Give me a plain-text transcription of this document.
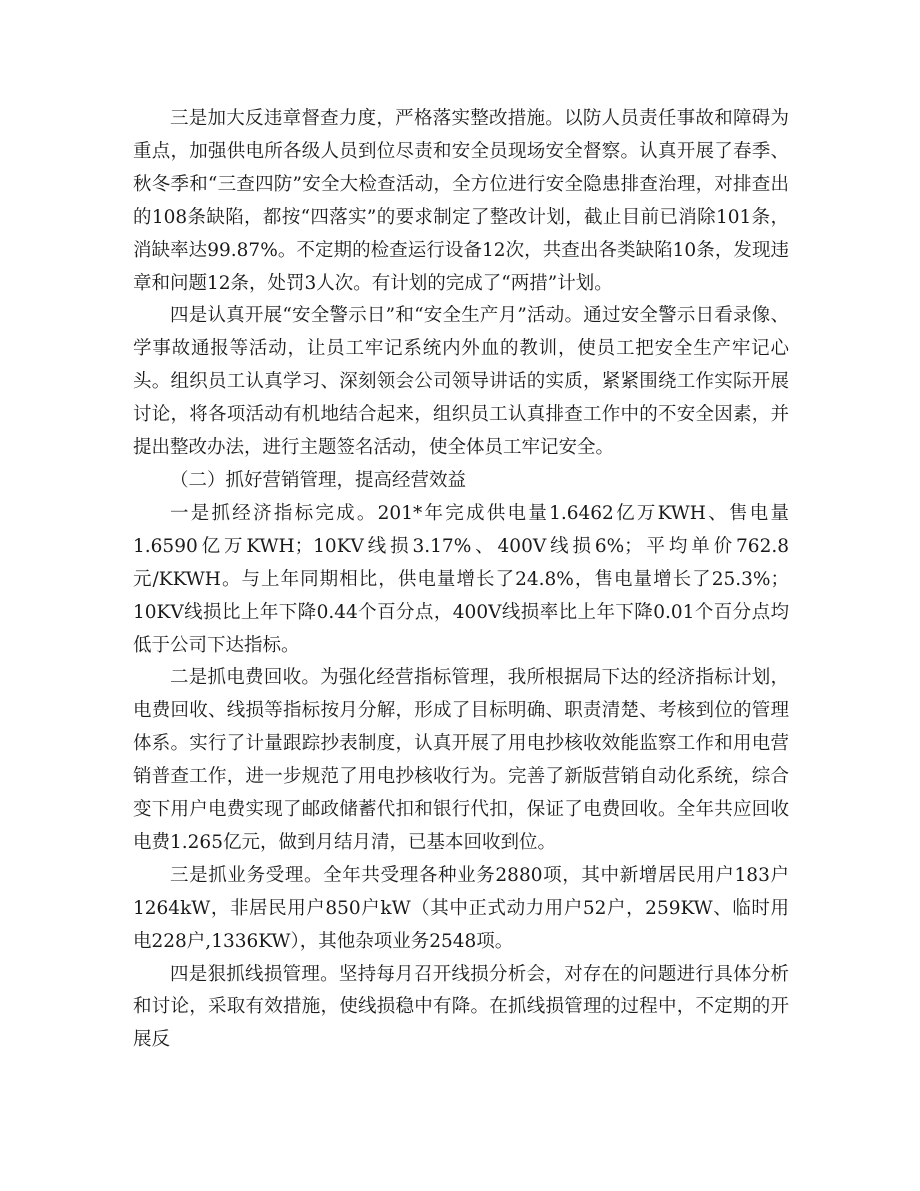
三是加大反违章督查力度，严格落实整改措施。以防人员责任事故和障碍为重点，加强供电所各级人员到位尽责和安全员现场安全督察。认真开展了春季、秋冬季和“三查四防”安全大检查活动，全方位进行安全隐患排查治理，对排查出的108条缺陷，都按“四落实”的要求制定了整改计划，截止目前已消除101条，消缺率达99.87%。不定期的检查运行设备12次，共查出各类缺陷10条，发现违章和问题12条，处罚3人次。有计划的完成了“两措”计划。

四是认真开展“安全警示日”和“安全生产月”活动。通过安全警示日看录像、学事故通报等活动，让员工牢记系统内外血的教训，使员工把安全生产牢记心头。组织员工认真学习、深刻领会公司领导讲话的实质，紧紧围绕工作实际开展讨论，将各项活动有机地结合起来，组织员工认真排查工作中的不安全因素，并提出整改办法，进行主题签名活动，使全体员工牢记安全。

（二）抓好营销管理，提高经营效益

一是抓经济指标完成。201*年完成供电量1.6462亿万KWH、售电量1.6590亿万KWH；10KV线损3.17%、400V线损6%；平均单价762.8元/KKWH。与上年同期相比，供电量增长了24.8%，售电量增长了25.3%；10KV线损比上年下降0.44个百分点，400V线损率比上年下降0.01个百分点均低于公司下达指标。

二是抓电费回收。为强化经营指标管理，我所根据局下达的经济指标计划，电费回收、线损等指标按月分解，形成了目标明确、职责清楚、考核到位的管理体系。实行了计量跟踪抄表制度，认真开展了用电抄核收效能监察工作和用电营销普查工作，进一步规范了用电抄核收行为。完善了新版营销自动化系统，综合变下用户电费实现了邮政储蓄代扣和银行代扣，保证了电费回收。全年共应回收电费1.265亿元，做到月结月清，已基本回收到位。

三是抓业务受理。全年共受理各种业务2880项，其中新增居民用户183户1264kW，非居民用户850户kW（其中正式动力用户52户，259KW、临时用电228户,1336KW），其他杂项业务2548项。

四是狠抓线损管理。坚持每月召开线损分析会，对存在的问题进行具体分析和讨论，采取有效措施，使线损稳中有降。在抓线损管理的过程中，不定期的开展反
